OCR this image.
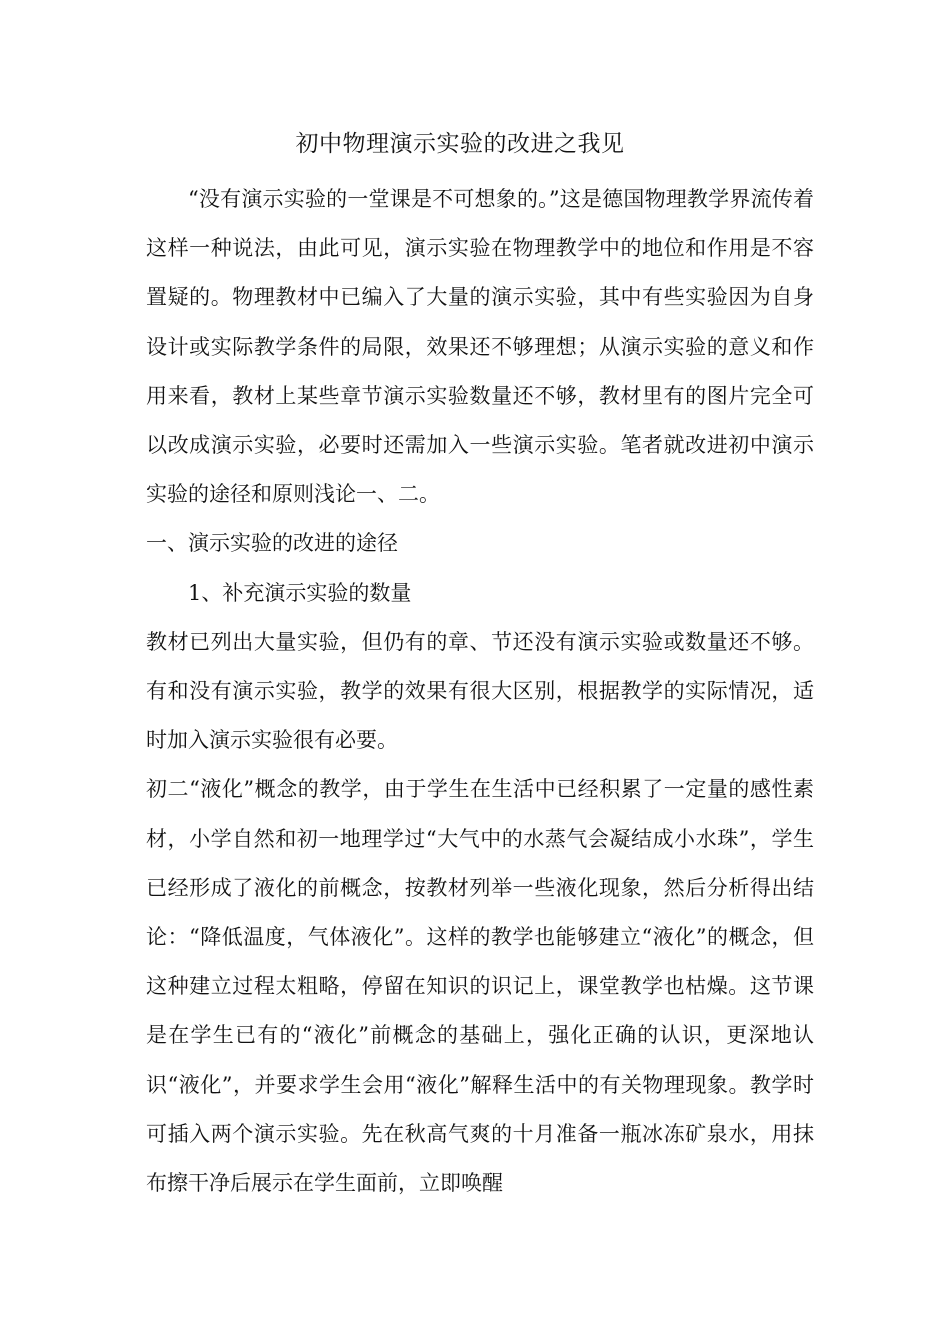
初中物理演示实验的改进之我见

“没有演示实验的一堂课是不可想象的。”这是德国物理教学界流传着这样一种说法，由此可见，演示实验在物理教学中的地位和作用是不容置疑的。物理教材中已编入了大量的演示实验，其中有些实验因为自身设计或实际教学条件的局限，效果还不够理想；从演示实验的意义和作用来看，教材上某些章节演示实验数量还不够，教材里有的图片完全可以改成演示实验，必要时还需加入一些演示实验。笔者就改进初中演示实验的途径和原则浅论一、二。

一、演示实验的改进的途径

1、补充演示实验的数量

教材已列出大量实验，但仍有的章、节还没有演示实验或数量还不够。有和没有演示实验，教学的效果有很大区别，根据教学的实际情况，适时加入演示实验很有必要。

初二“液化”概念的教学，由于学生在生活中已经积累了一定量的感性素材，小学自然和初一地理学过“大气中的水蒸气会凝结成小水珠”，学生已经形成了液化的前概念，按教材列举一些液化现象，然后分析得出结论：“降低温度，气体液化”。这样的教学也能够建立“液化”的概念，但这种建立过程太粗略，停留在知识的识记上，课堂教学也枯燥。这节课是在学生已有的“液化”前概念的基础上，强化正确的认识，更深地认识“液化”，并要求学生会用“液化”解释生活中的有关物理现象。教学时可插入两个演示实验。先在秋高气爽的十月准备一瓶冰冻矿泉水，用抹布擦干净后展示在学生面前，立即唤醒
